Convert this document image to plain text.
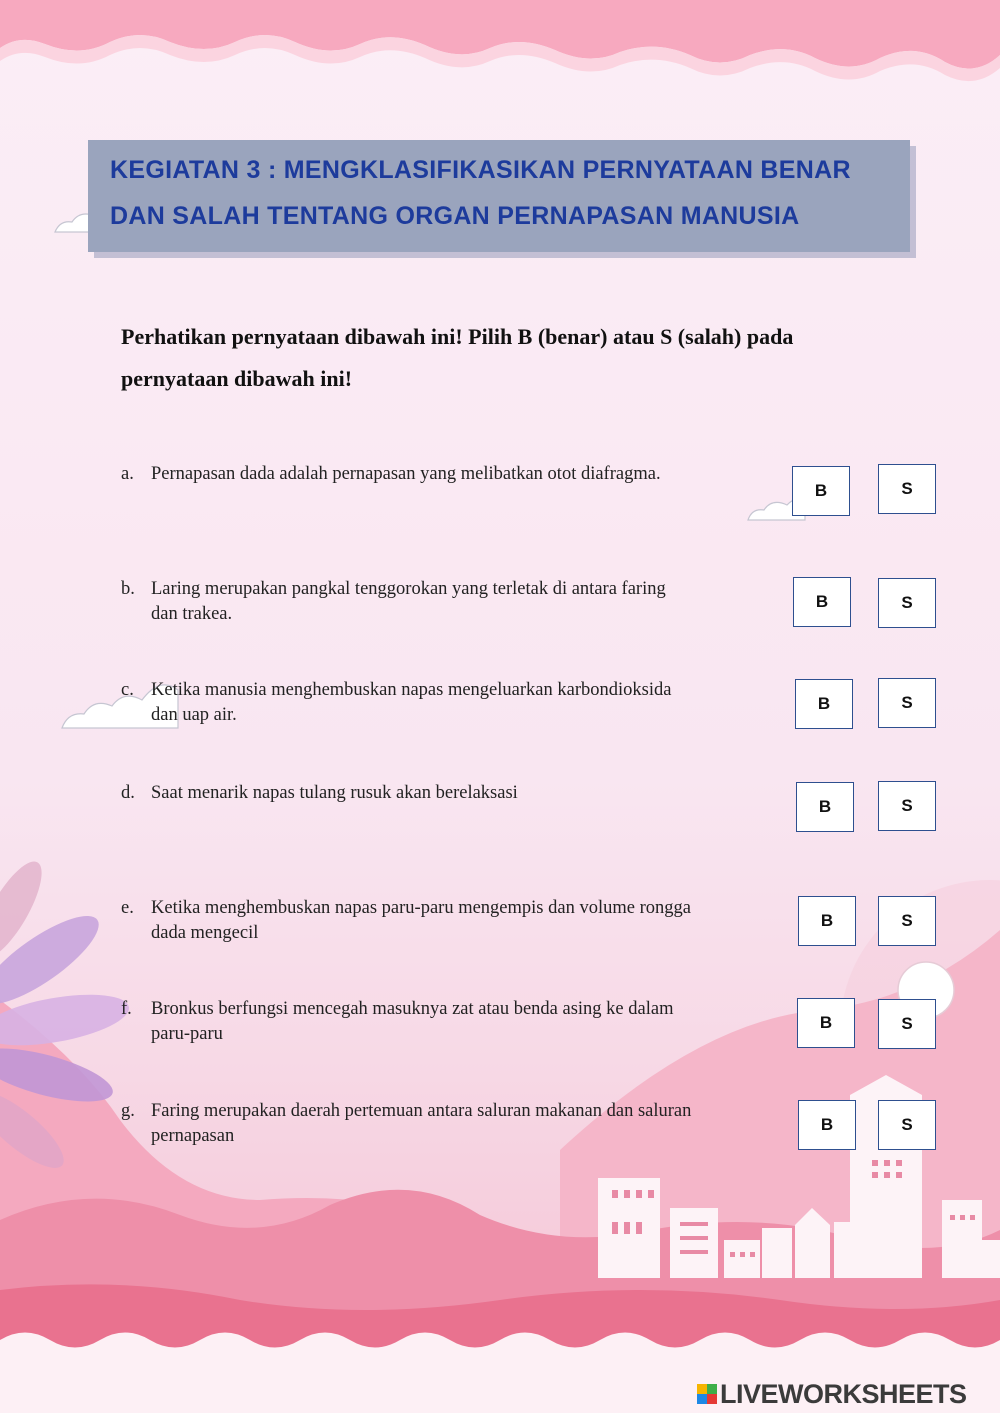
KEGIATAN 3 : MENGKLASIFIKASIKAN PERNYATAAN BENAR
DAN SALAH TENTANG ORGAN PERNAPASAN MANUSIA
Perhatikan pernyataan dibawah ini! Pilih B (benar) atau S (salah) pada
pernyataan dibawah ini!
a. Pernapasan dada adalah pernapasan yang melibatkan otot diafragma.
B	S
b. Laring merupakan pangkal tenggorokan yang terletak di antara faring
dan trakea.
B	S
c. Ketika manusia menghembuskan napas mengeluarkan karbondioksida
dan uap air.
B	S
d. Saat menarik napas tulang rusuk akan berelaksasi
B	S
e. Ketika menghembuskan napas paru-paru mengempis dan volume rongga
dada mengecil
B	S
f. Bronkus berfungsi mencegah masuknya zat atau benda asing ke dalam
paru-paru
B	S
g. Faring merupakan daerah pertemuan antara saluran makanan dan saluran
pernapasan
B	S
LIVEWORKSHEETS
